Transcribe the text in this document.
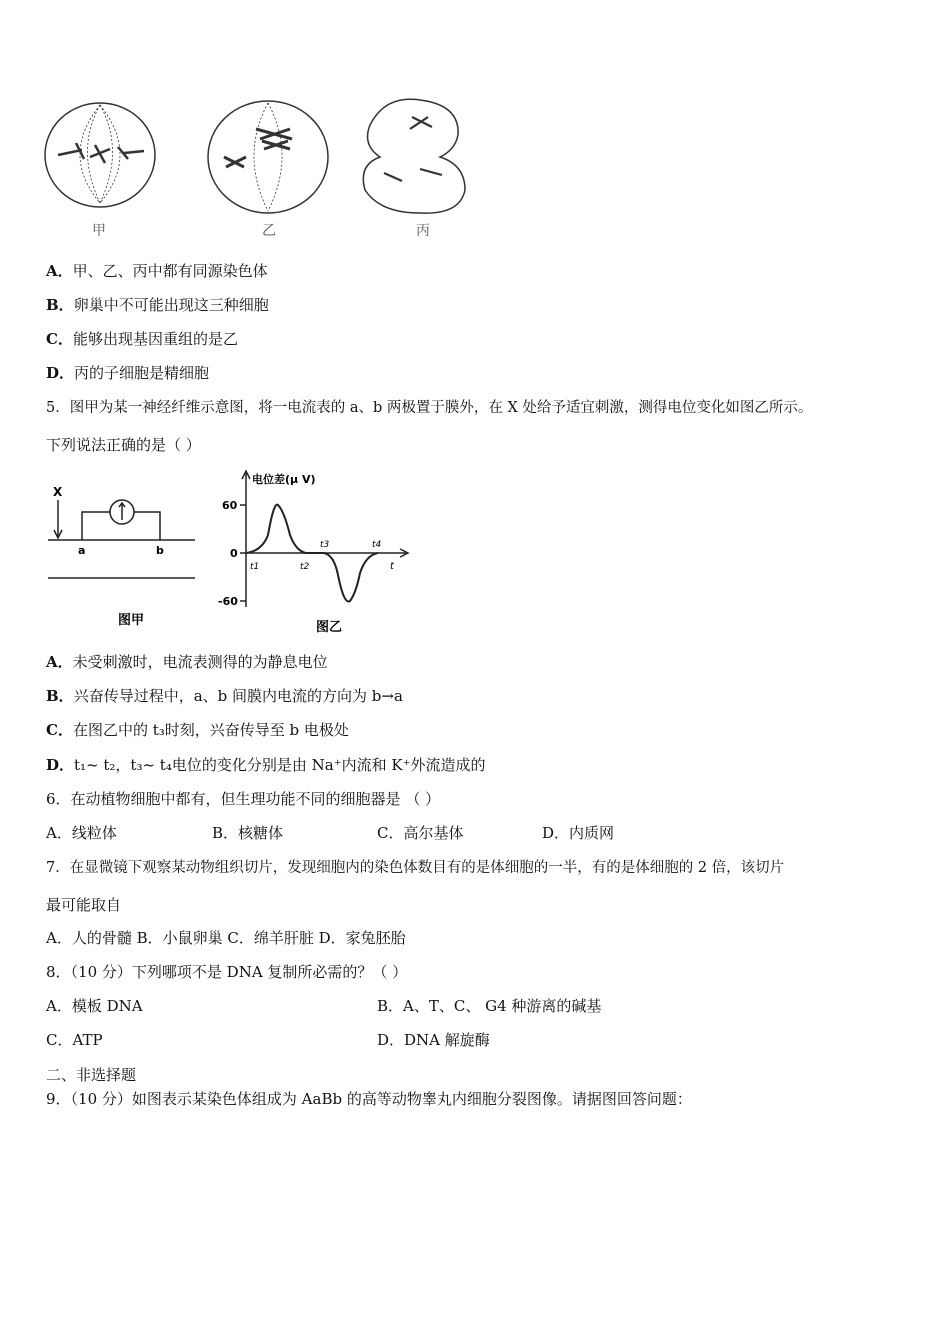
甲	乙	丙
A．甲、乙、丙中都有同源染色体
B．卵巢中不可能出现这三种细胞
C．能够出现基因重组的是乙
D．丙的子细胞是精细胞
5．图甲为某一神经纤维示意图，将一电流表的 a、b 两极置于膜外，在 X 处给予适宜刺激，测得电位变化如图乙所示。
下列说法正确的是（ ）
X
a	b
图甲
电位差(μ V)
60
0
-60
t1	t2
t3	t4
t
图乙
A．未受刺激时，电流表测得的为静息电位
B．兴奋传导过程中，a、b 间膜内电流的方向为 b→a
C．在图乙中的 t₃时刻，兴奋传导至 b 电极处
D．t₁~ t₂，t₃~ t₄电位的变化分别是由 Na⁺内流和 K⁺外流造成的
6．在动植物细胞中都有，但生理功能不同的细胞器是 （ ）
A．线粒体	B．核糖体	C．高尔基体	D．内质网
7．在显微镜下观察某动物组织切片，发现细胞内的染色体数目有的是体细胞的一半，有的是体细胞的 2 倍，该切片
最可能取自
A．人的骨髓 B．小鼠卵巢 C．绵羊肝脏 D．家兔胚胎
8．（10 分）下列哪项不是 DNA 复制所必需的？（ ）
A．模板 DNA	B．A、T、C、 G4 种游离的碱基
C．ATP	D．DNA 解旋酶
二、非选择题
9．（10 分）如图表示某染色体组成为 AaBb 的高等动物睾丸内细胞分裂图像。请据图回答问题：
